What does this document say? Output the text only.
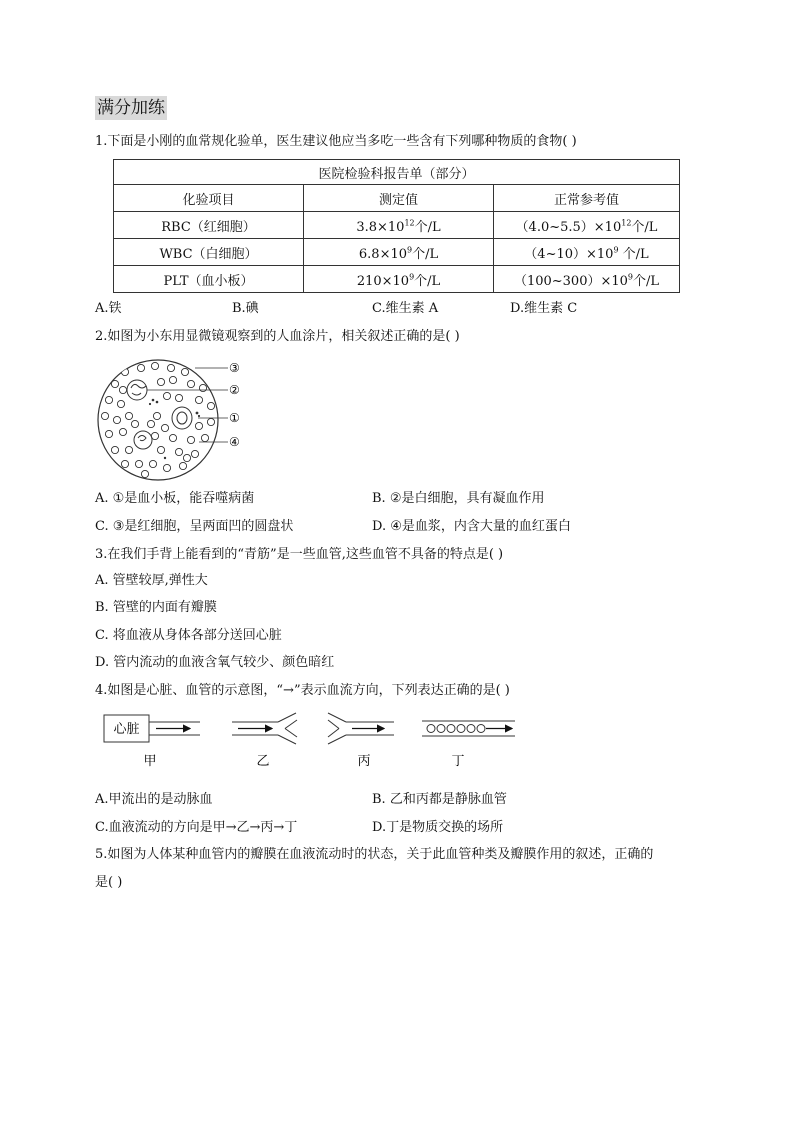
满分加练
1.下面是小刚的血常规化验单，医生建议他应当多吃一些含有下列哪种物质的食物( )
医院检验科报告单（部分）		
化验项目	测定值	正常参考值
RBC（红细胞）	$3.8\times 10^{12}$个/L	$(4.0\sim 5.5)\times 10^{12}$个/L
WBC（白细胞）	$6.8\times 10^9$个/L	$(4\sim 10)\times 10^9$ 个/L
PLT（血小板）	$210\times 10^9$个/L	$(100\sim 300)\times 10^9$个/L
A.铁	B.碘	C.维生素 A	D.维生素 C
2.如图为小东用显微镜观察到的人血涂片，相关叙述正确的是( )
③
②
①
④
A. ①是血小板，能吞噬病菌	B. ②是白细胞，具有凝血作用
C. ③是红细胞，呈两面凹的圆盘状	D. ④是血浆，内含大量的血红蛋白
3.在我们手背上能看到的“青筋”是一些血管,这些血管不具备的特点是( )
A. 管壁较厚,弹性大
B. 管壁的内面有瓣膜
C. 将血液从身体各部分送回心脏
D. 管内流动的血液含氧气较少、颜色暗红
4.如图是心脏、血管的示意图，“→”表示血流方向，下列表达正确的是( )
心脏
甲	乙	丙	丁
A.甲流出的是动脉血	B. 乙和丙都是静脉血管
C.血液流动的方向是甲→乙→丙→丁	D.丁是物质交换的场所
5.如图为人体某种血管内的瓣膜在血液流动时的状态，关于此血管种类及瓣膜作用的叙述，正确的
是( )
